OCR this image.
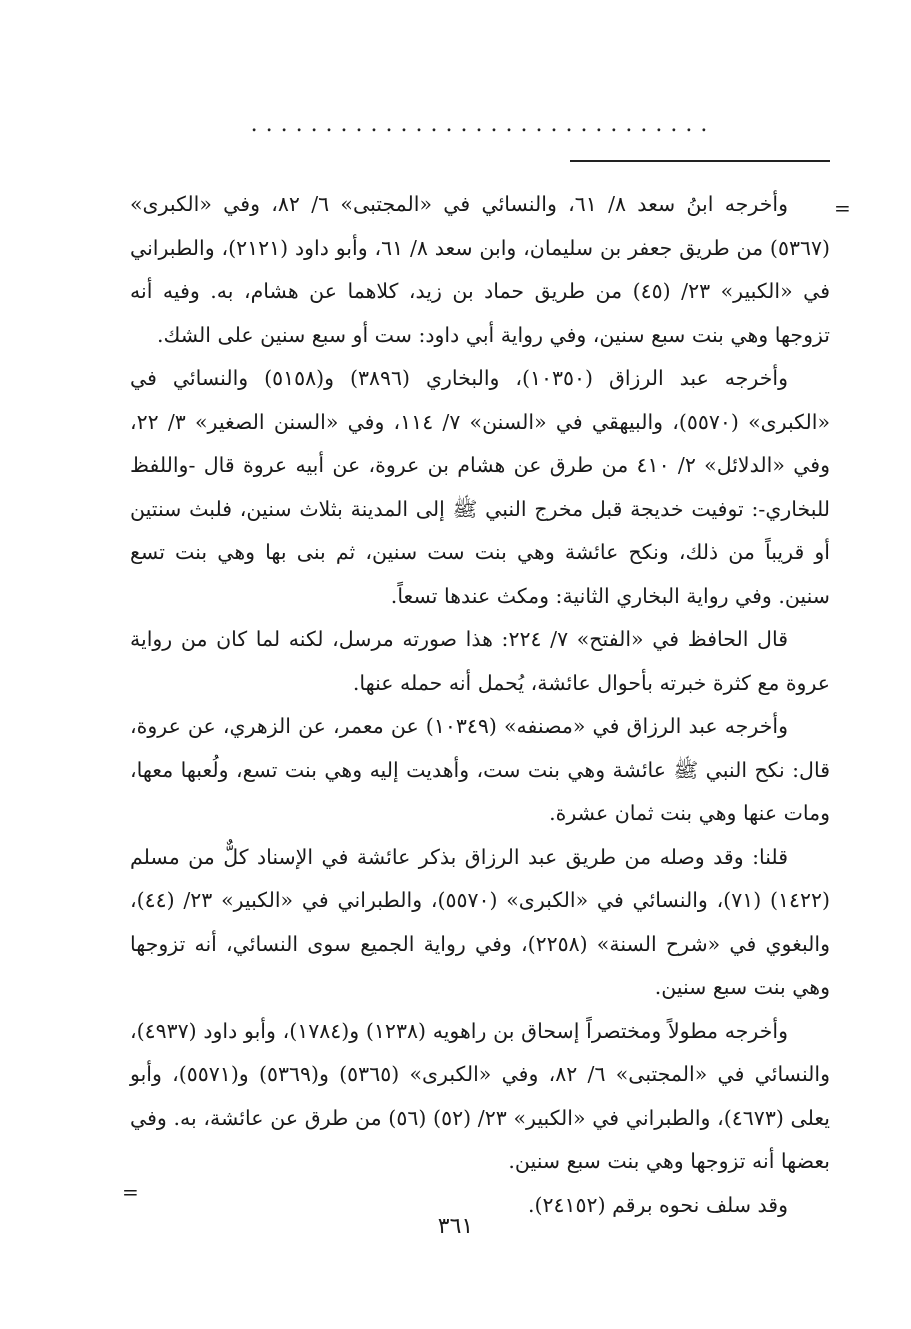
...............................
=

وأخرجه ابنُ سعد ٨/ ٦١، والنسائي في «المجتبى» ٦/ ٨٢، وفي «الكبرى» (٥٣٦٧) من طريق جعفر بن سليمان، وابن سعد ٨/ ٦١، وأبو داود (٢١٢١)، والطبراني في «الكبير» ٢٣/ (٤٥) من طريق حماد بن زيد، كلاهما عن هشام، به. وفيه أنه تزوجها وهي بنت سبع سنين، وفي رواية أبي داود: ست أو سبع سنين على الشك.

وأخرجه عبد الرزاق (١٠٣٥٠)، والبخاري (٣٨٩٦) و(٥١٥٨) والنسائي في «الكبرى» (٥٥٧٠)، والبيهقي في «السنن» ٧/ ١١٤، وفي «السنن الصغير» ٣/ ٢٢، وفي «الدلائل» ٢/ ٤١٠ من طرق عن هشام بن عروة، عن أبيه عروة قال -واللفظ للبخاري-: توفيت خديجة قبل مخرج النبي ﷺ إلى المدينة بثلاث سنين، فلبث سنتين أو قريباً من ذلك، ونكح عائشة وهي بنت ست سنين، ثم بنى بها وهي بنت تسع سنين. وفي رواية البخاري الثانية: ومكث عندها تسعاً.

قال الحافظ في «الفتح» ٧/ ٢٢٤: هذا صورته مرسل، لكنه لما كان من رواية عروة مع كثرة خبرته بأحوال عائشة، يُحمل أنه حمله عنها.

وأخرجه عبد الرزاق في «مصنفه» (١٠٣٤٩) عن معمر، عن الزهري، عن عروة، قال: نكح النبي ﷺ عائشة وهي بنت ست، وأهديت إليه وهي بنت تسع، ولُعبها معها، ومات عنها وهي بنت ثمان عشرة.

قلنا: وقد وصله من طريق عبد الرزاق بذكر عائشة في الإسناد كلٌّ من مسلم (١٤٢٢) (٧١)، والنسائي في «الكبرى» (٥٥٧٠)، والطبراني في «الكبير» ٢٣/ (٤٤)، والبغوي في «شرح السنة» (٢٢٥٨)، وفي رواية الجميع سوى النسائي، أنه تزوجها وهي بنت سبع سنين.

وأخرجه مطولاً ومختصراً إسحاق بن راهويه (١٢٣٨) و(١٧٨٤)، وأبو داود (٤٩٣٧)، والنسائي في «المجتبى» ٦/ ٨٢، وفي «الكبرى» (٥٣٦٥) و(٥٣٦٩) و(٥٥٧١)، وأبو يعلى (٤٦٧٣)، والطبراني في «الكبير» ٢٣/ (٥٢) (٥٦) من طرق عن عائشة، به. وفي بعضها أنه تزوجها وهي بنت سبع سنين.

وقد سلف نحوه برقم (٢٤١٥٢).

=
٣٦١
